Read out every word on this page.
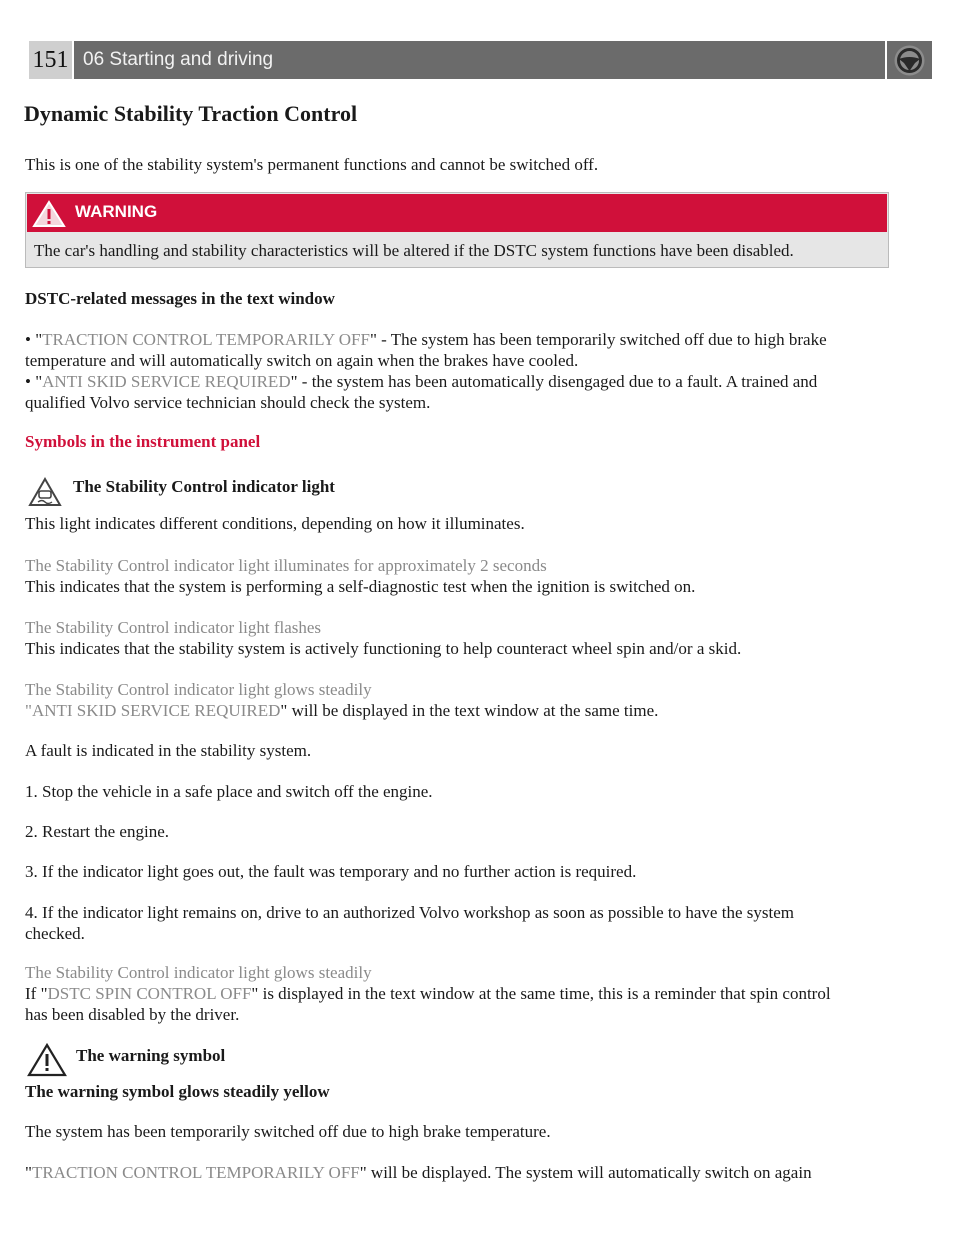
151 06 Starting and driving
Dynamic Stability Traction Control

This is one of the stability system's permanent functions and cannot be switched off.

WARNING
The car's handling and stability characteristics will be altered if the DSTC system functions have been disabled.

DSTC-related messages in the text window

• "TRACTION CONTROL TEMPORARILY OFF" - The system has been temporarily switched off due to high brake

temperature and will automatically switch on again when the brakes have cooled.

• "ANTI SKID SERVICE REQUIRED" - the system has been automatically disengaged due to a fault. A trained and

qualified Volvo service technician should check the system.

Symbols in the instrument panel

The Stability Control indicator light

This light indicates different conditions, depending on how it illuminates.

The Stability Control indicator light illuminates for approximately 2 seconds

This indicates that the system is performing a self-diagnostic test when the ignition is switched on.

The Stability Control indicator light flashes

This indicates that the stability system is actively functioning to help counteract wheel spin and/or a skid.

The Stability Control indicator light glows steadily

"ANTI SKID SERVICE REQUIRED" will be displayed in the text window at the same time.

A fault is indicated in the stability system.

1. Stop the vehicle in a safe place and switch off the engine.

2. Restart the engine.

3. If the indicator light goes out, the fault was temporary and no further action is required.

4. If the indicator light remains on, drive to an authorized Volvo workshop as soon as possible to have the system

checked.

The Stability Control indicator light glows steadily

If "DSTC SPIN CONTROL OFF" is displayed in the text window at the same time, this is a reminder that spin control

has been disabled by the driver.

The warning symbol

The warning symbol glows steadily yellow

The system has been temporarily switched off due to high brake temperature.

"TRACTION CONTROL TEMPORARILY OFF" will be displayed. The system will automatically switch on again
